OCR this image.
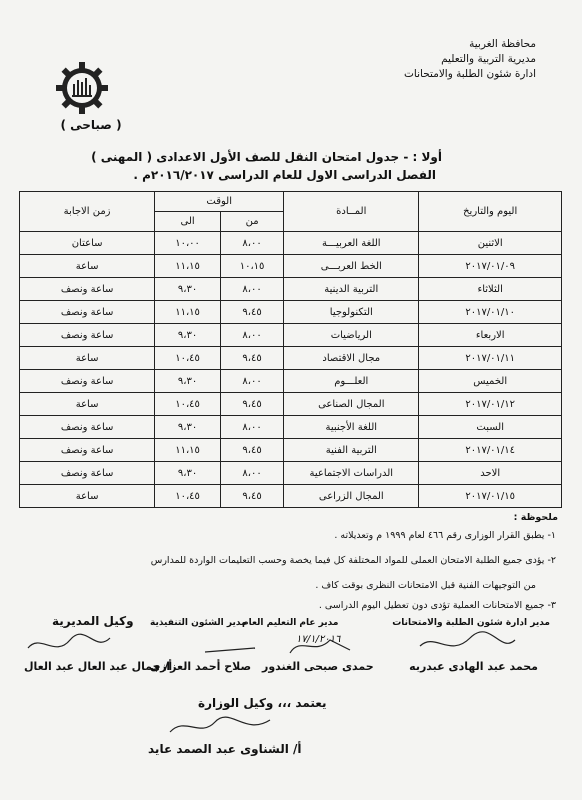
محافظة الغربية
مديرية التربية والتعليم
ادارة شئون الطلبة والامتحانات
( صباحى )
أولا : - جدول امتحان النقل للصف الأول الاعدادى ( المهنى )
الفصل الدراسى الاول للعام الدراسى ٢٠١٦/٢٠١٧م .
اليوم والتاريخ	المــادة	الوقت		زمن الاجابة
		من	الى	
الاثنين	اللغة العربيـــة	٨،٠٠	١٠،٠٠	ساعتان
٢٠١٧/٠١/٠٩	الخط العربـــى	١٠،١٥	١١،١٥	ساعة
الثلاثاء	التربية الدينية	٨،٠٠	٩،٣٠	ساعة ونصف
٢٠١٧/٠١/١٠	التكنولوجيا	٩،٤٥	١١،١٥	ساعة ونصف
الاربعاء	الرياضيات	٨،٠٠	٩،٣٠	ساعة ونصف
٢٠١٧/٠١/١١	مجال الاقتصاد	٩،٤٥	١٠،٤٥	ساعة
الخميس	العلـــوم	٨،٠٠	٩،٣٠	ساعة ونصف
٢٠١٧/٠١/١٢	المجال الصناعى	٩،٤٥	١٠،٤٥	ساعة
السبت	اللغة الأجنبية	٨،٠٠	٩،٣٠	ساعة ونصف
٢٠١٧/٠١/١٤	التربية الفنية	٩،٤٥	١١،١٥	ساعة ونصف
الاحد	الدراسات الاجتماعية	٨،٠٠	٩،٣٠	ساعة ونصف
٢٠١٧/٠١/١٥	المجال الزراعى	٩،٤٥	١٠،٤٥	ساعة
ملحوظة :
١- يطبق القرار الوزارى رقم ٤٦٦ لعام ١٩٩٩ م وتعديلاته .
٢- يؤدى جميع الطلبة الامتحان العملى للمواد المختلفة كل فيما يخصة وحسب التعليمات الواردة للمدارس
من التوجيهات الفنية قبل الامتحانات النظرى بوقت كاف .
٣- جميع الامتحانات العملية تؤدى دون تعطيل اليوم الدراسى .
مدير ادارة شئون الطلبة والامتحانات
مدير عام التعليم العام
مدير الشئون التنفيذية
وكيل المديرية
١٧/١/٢٠١٦
محمد عبد الهادى عبدربه
حمدى صبحى الغندور
صلاح أحمد العزازى
أ/ جمال عبد العال عبد العال
يعتمد ،،، وكيل الوزارة
أ/ الشناوى عبد الصمد عايد
